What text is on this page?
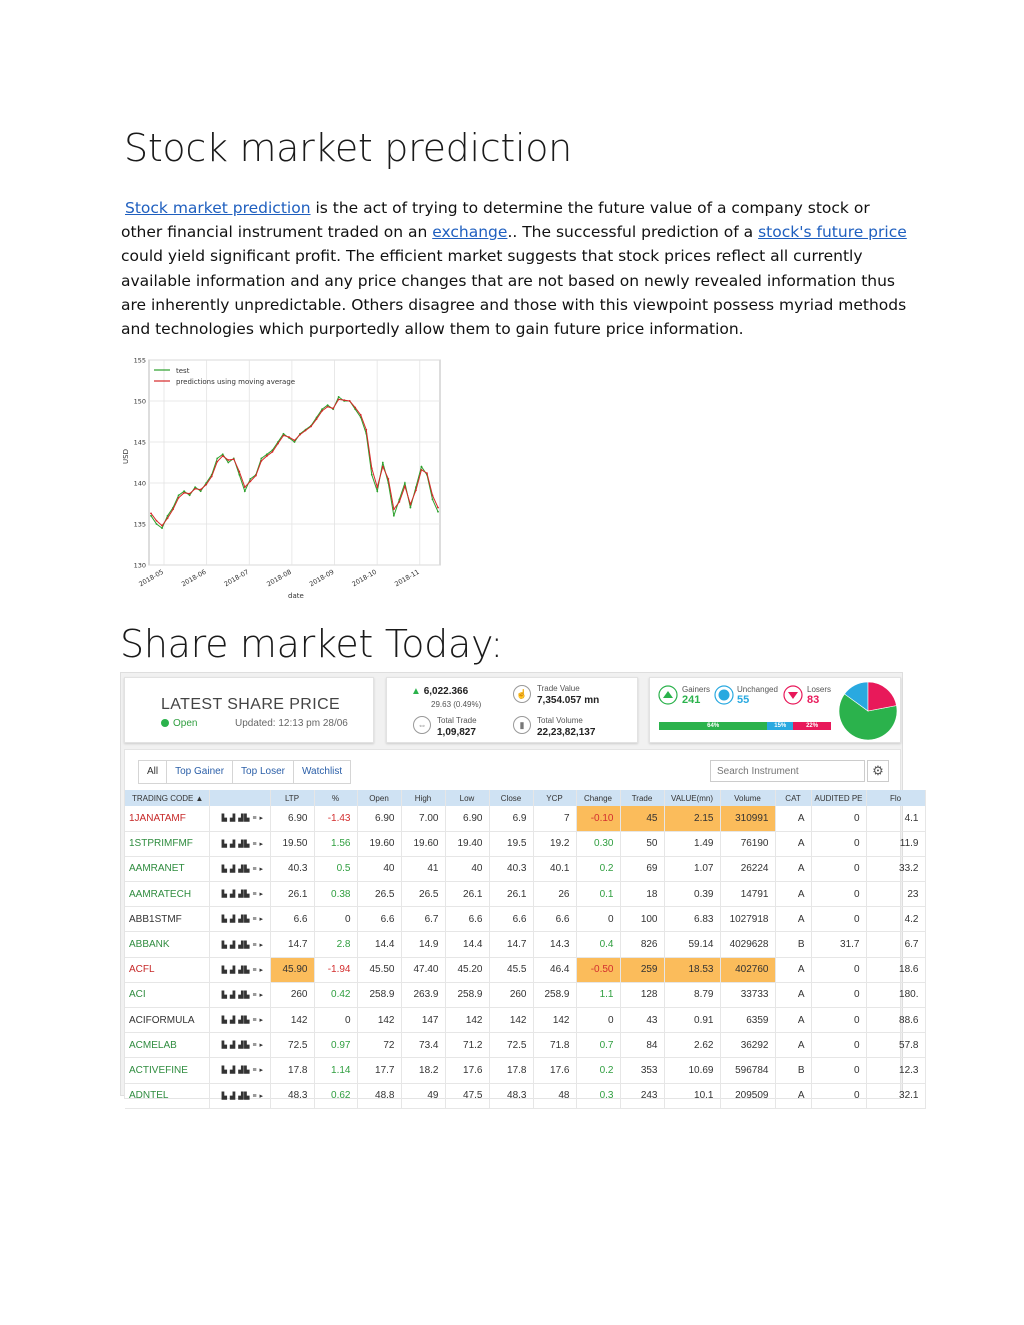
Stock market prediction
Stock market prediction is the act of trying to determine the future value of a company stock or other financial instrument traded on an exchange.. The successful prediction of a stock's future price could yield significant profit. The efficient market suggests that stock prices reflect all currently available information and any price changes that are not based on newly revealed information thus are inherently unpredictable. Others disagree and those with this viewpoint possess myriad methods and technologies which purportedly allow them to gain future price information.
130
135
140
145
150
155
2018-05 2018-06 2018-07 2018-08 2018-09 2018-10 2018-11
test
predictions using moving average
USD
date
Share market Today:
LATEST SHARE PRICE
Open	Updated: 12:13 pm 28/06
▲ 6,022.366
29.63 (0.49%)
⇔	Total Trade
1,09,827
☝
Trade Value
7,354.057 mn
▮	Total Volume
22,23,82,137
Gainers
241
Unchanged
55
Losers
83
64%	15%	22%
All	Top Gainer	Top Loser	Watchlist
Search Instrument	⚙
TRADING CODE ▲		LTP	%	Open	High	Low	Close	YCP	Change	Trade	VALUE(mn)	Volume	CAT	AUDITED PE	Flo
1JANATAMF	▙ ▟ ▟▙ ≡ ▸	6.90	-1.43	6.90	7.00	6.90	6.9	7	-0.10	45	2.15	310991	A	0	4.1
1STPRIMFMF	▙ ▟ ▟▙ ≡ ▸	19.50	1.56	19.60	19.60	19.40	19.5	19.2	0.30	50	1.49	76190	A	0	11.9
AAMRANET	▙ ▟ ▟▙ ≡ ▸	40.3	0.5	40	41	40	40.3	40.1	0.2	69	1.07	26224	A	0	33.2
AAMRATECH	▙ ▟ ▟▙ ≡ ▸	26.1	0.38	26.5	26.5	26.1	26.1	26	0.1	18	0.39	14791	A	0	23
ABB1STMF	▙ ▟ ▟▙ ≡ ▸	6.6	0	6.6	6.7	6.6	6.6	6.6	0	100	6.83	1027918	A	0	4.2
ABBANK	▙ ▟ ▟▙ ≡ ▸	14.7	2.8	14.4	14.9	14.4	14.7	14.3	0.4	826	59.14	4029628	B	31.7	6.7
ACFL	▙ ▟ ▟▙ ≡ ▸	45.90	-1.94	45.50	47.40	45.20	45.5	46.4	-0.50	259	18.53	402760	A	0	18.6
ACI	▙ ▟ ▟▙ ≡ ▸	260	0.42	258.9	263.9	258.9	260	258.9	1.1	128	8.79	33733	A	0	180.
ACIFORMULA	▙ ▟ ▟▙ ≡ ▸	142	0	142	147	142	142	142	0	43	0.91	6359	A	0	88.6
ACMELAB	▙ ▟ ▟▙ ≡ ▸	72.5	0.97	72	73.4	71.2	72.5	71.8	0.7	84	2.62	36292	A	0	57.8
ACTIVEFINE	▙ ▟ ▟▙ ≡ ▸	17.8	1.14	17.7	18.2	17.6	17.8	17.6	0.2	353	10.69	596784	B	0	12.3
ADNTEL	▙ ▟ ▟▙ ≡ ▸	48.3	0.62	48.8	49	47.5	48.3	48	0.3	243	10.1	209509	A	0	32.1
